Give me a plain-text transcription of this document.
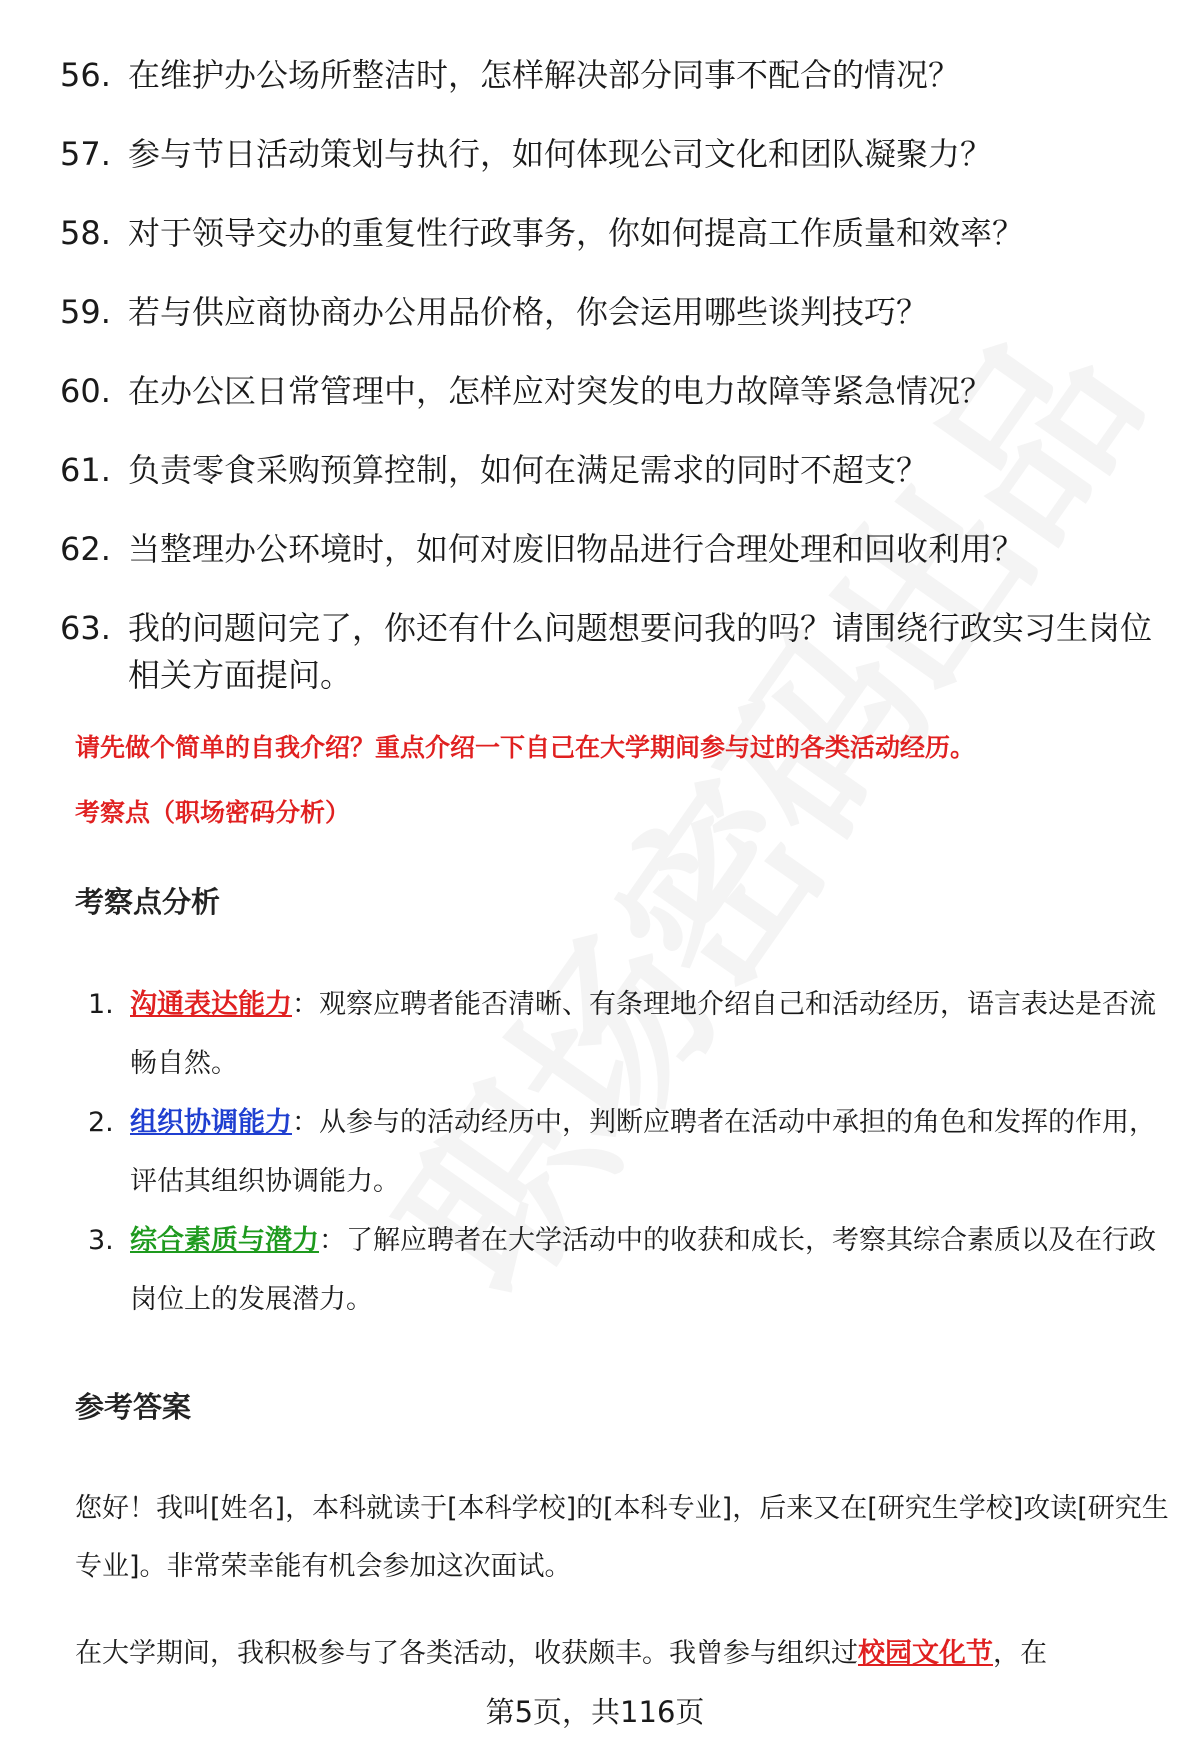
56. 在维护办公场所整洁时，怎样解决部分同事不配合的情况？
57. 参与节日活动策划与执行，如何体现公司文化和团队凝聚力？
58. 对于领导交办的重复性行政事务，你如何提高工作质量和效率？
59. 若与供应商协商办公用品价格，你会运用哪些谈判技巧？
60. 在办公区日常管理中，怎样应对突发的电力故障等紧急情况？
61. 负责零食采购预算控制，如何在满足需求的同时不超支？
62. 当整理办公环境时，如何对废旧物品进行合理处理和回收利用？
63. 我的问题问完了，你还有什么问题想要问我的吗？请围绕行政实习生岗位相关方面提问。
请先做个简单的自我介绍？重点介绍一下自己在大学期间参与过的各类活动经历。
考察点（职场密码分析）
考察点分析
1. 沟通表达能力：观察应聘者能否清晰、有条理地介绍自己和活动经历，语言表达是否流畅自然。
2. 组织协调能力：从参与的活动经历中，判断应聘者在活动中承担的角色和发挥的作用，评估其组织协调能力。
3. 综合素质与潜力：了解应聘者在大学活动中的收获和成长，考察其综合素质以及在行政岗位上的发展潜力。
参考答案
您好！我叫[姓名]，本科就读于[本科学校]的[本科专业]，后来又在[研究生学校]攻读[研究生专业]。非常荣幸能有机会参加这次面试。
在大学期间，我积极参与了各类活动，收获颇丰。我曾参与组织过校园文化节，在
第5页，共116页
